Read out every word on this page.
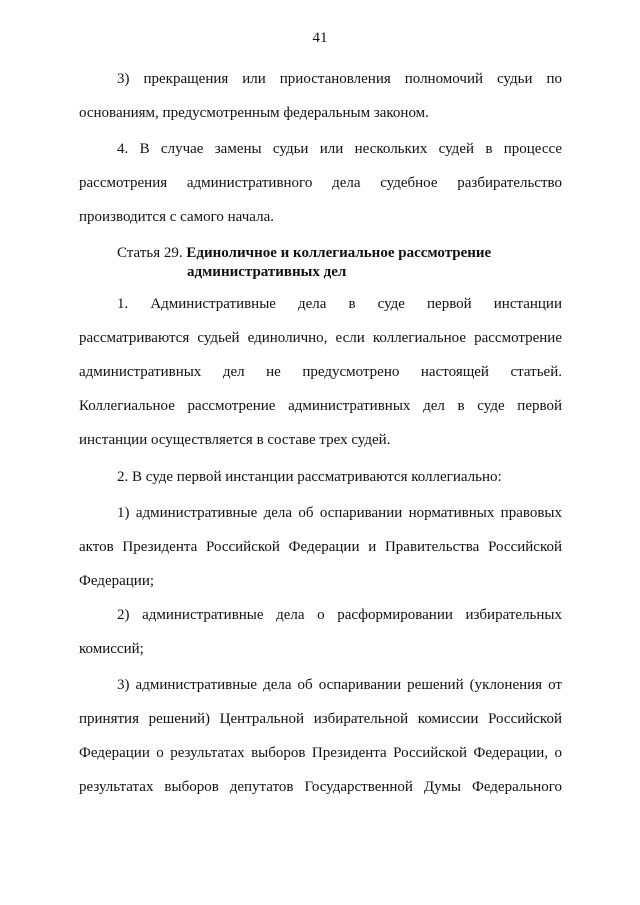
41
3) прекращения или приостановления полномочий судьи по
основаниям, предусмотренным федеральным законом.
4. В случае замены судьи или нескольких судей в процессе
рассмотрения административного дела судебное разбирательство
производится с самого начала.
Статья 29. Единоличное и коллегиальное рассмотрение
административных дел
1. Административные дела в суде первой инстанции
рассматриваются судьей единолично, если коллегиальное рассмотрение
административных дел не предусмотрено настоящей статьей.
Коллегиальное рассмотрение административных дел в суде первой
инстанции осуществляется в составе трех судей.
2. В суде первой инстанции рассматриваются коллегиально:
1) административные дела об оспаривании нормативных правовых
актов Президента Российской Федерации и Правительства Российской
Федерации;
2) административные дела о расформировании избирательных
комиссий;
3) административные дела об оспаривании решений (уклонения от
принятия решений) Центральной избирательной комиссии Российской
Федерации о результатах выборов Президента Российской Федерации, о
результатах выборов депутатов Государственной Думы Федерального
